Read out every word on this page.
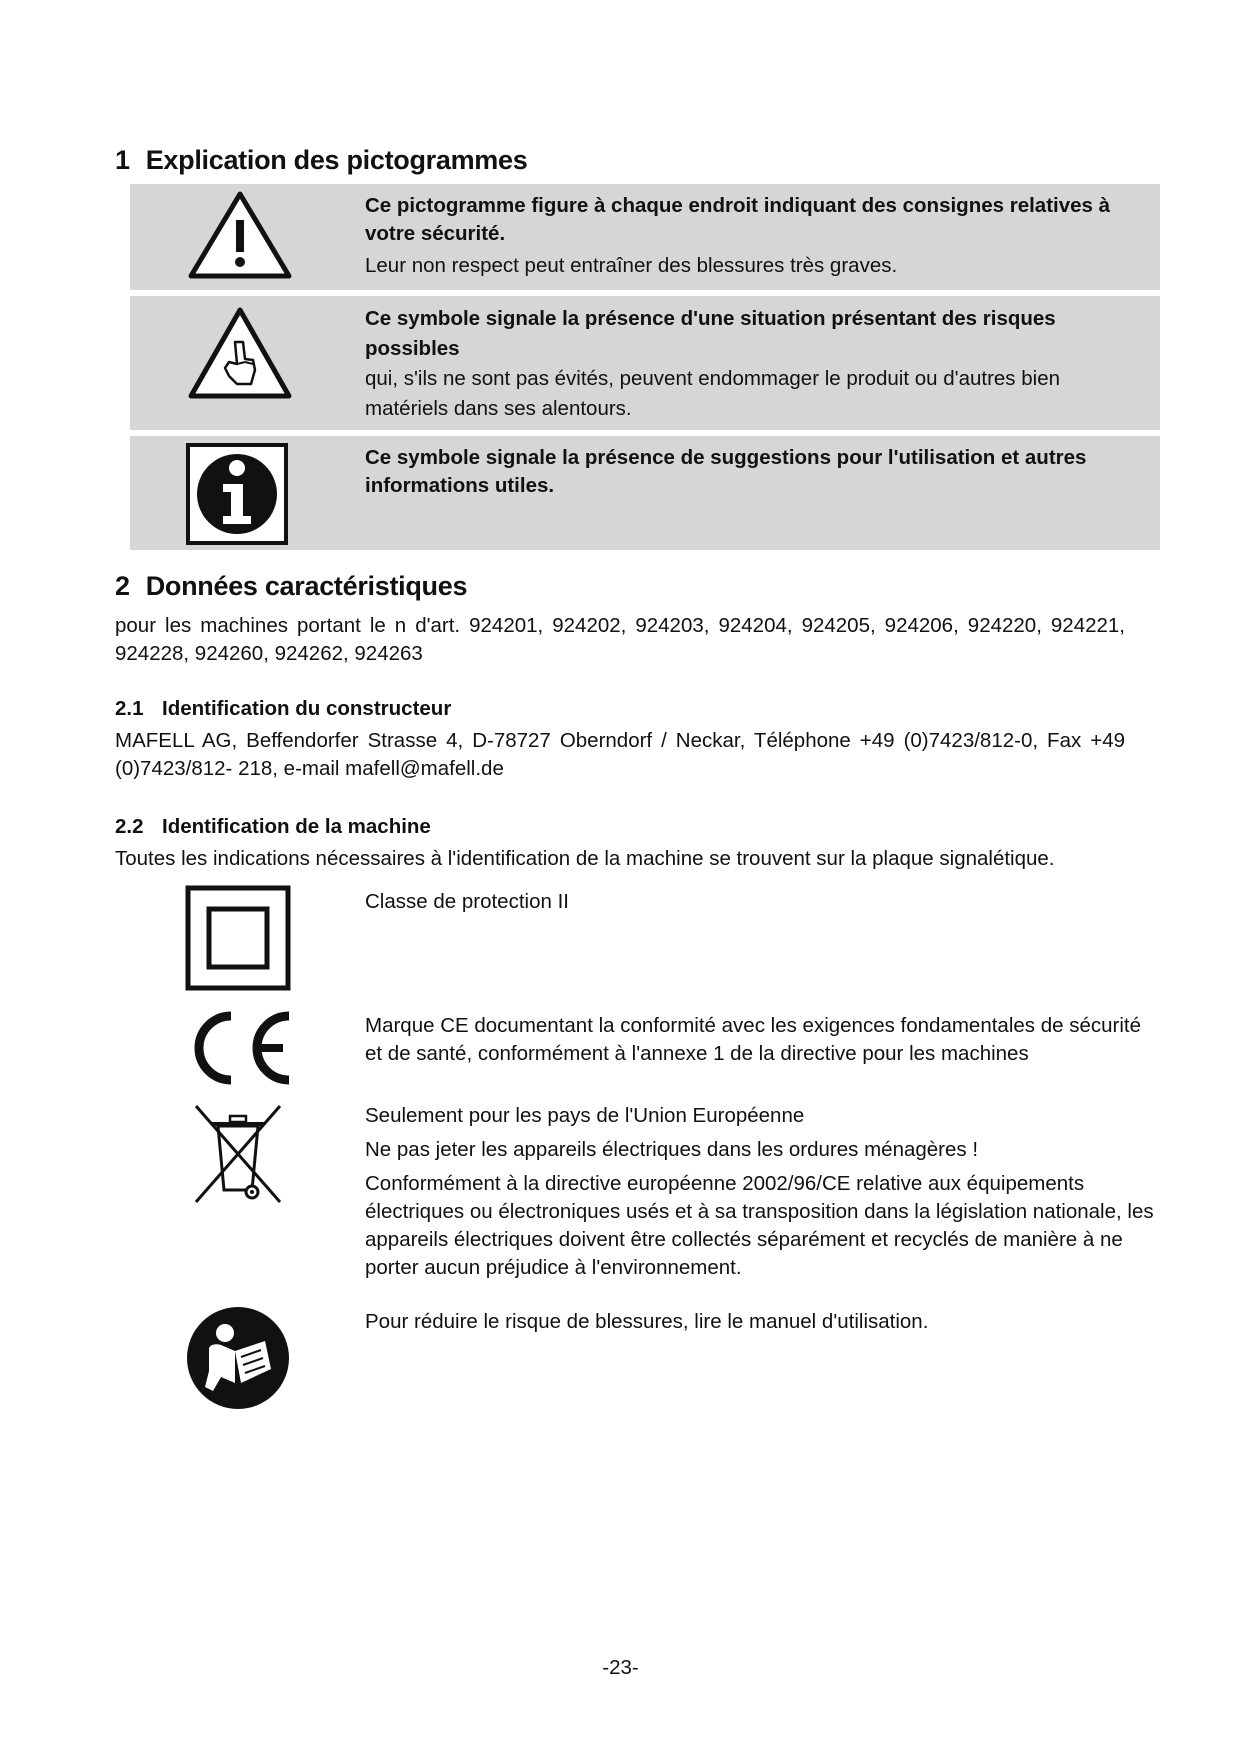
1 Explication des pictogrammes
Ce pictogramme figure à chaque endroit indiquant des consignes relatives à votre sécurité.
Leur non respect peut entraîner des blessures très graves.
Ce symbole signale la présence d'une situation présentant des risques possibles
qui, s'ils ne sont pas évités, peuvent endommager le produit ou d'autres bien matériels dans ses alentours.
Ce symbole signale la présence de suggestions pour l'utilisation et autres informations utiles.
2 Données caractéristiques
pour les machines portant le n d'art. 924201, 924202, 924203, 924204, 924205, 924206, 924220, 924221, 924228, 924260, 924262, 924263
2.1 Identification du constructeur
MAFELL AG, Beffendorfer Strasse 4, D-78727 Oberndorf / Neckar, Téléphone +49 (0)7423/812-0, Fax +49 (0)7423/812- 218, e-mail mafell@mafell.de
2.2 Identification de la machine
Toutes les indications nécessaires à l'identification de la machine se trouvent sur la plaque signalétique.

Classe de protection II

Marque CE documentant la conformité avec les exigences fondamentales de sécurité et de santé, conformément à l'annexe 1 de la directive pour les machines

Seulement pour les pays de l'Union Européenne

Ne pas jeter les appareils électriques dans les ordures ménagères !

Conformément à la directive européenne 2002/96/CE relative aux équipements électriques ou électroniques usés et à sa transposition dans la législation nationale, les appareils électriques doivent être collectés séparément et recyclés de manière à ne porter aucun préjudice à l'environnement.

Pour réduire le risque de blessures, lire le manuel d'utilisation.

-23-
